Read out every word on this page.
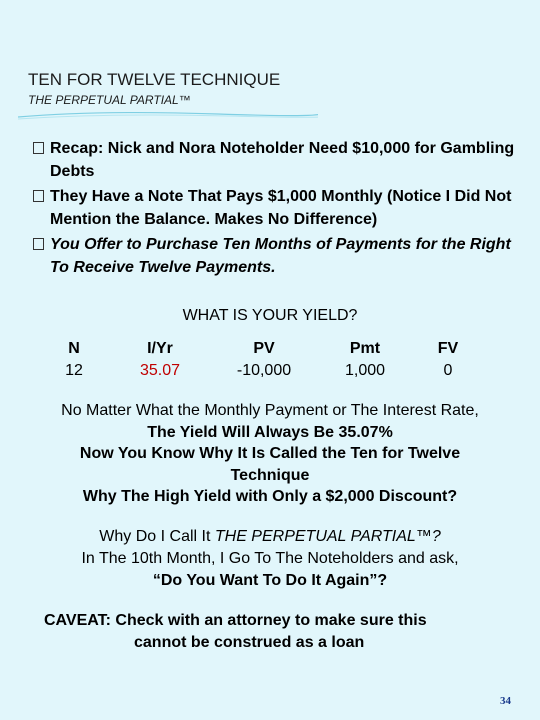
TEN FOR TWELVE TECHNIQUE
THE PERPETUAL PARTIAL™
Recap: Nick and Nora Noteholder Need $10,000 for Gambling Debts
They Have a Note That Pays $1,000 Monthly (Notice I Did Not Mention the Balance. Makes No Difference)
You Offer to Purchase Ten Months of Payments for the Right To Receive Twelve Payments.
WHAT IS YOUR YIELD?
N
12
I/Yr
35.07
PV
-10,000
Pmt
1,000
FV
0
No Matter What the Monthly Payment or The Interest Rate,
The Yield Will Always Be 35.07%
Now You Know Why It Is Called the Ten for Twelve
Technique
Why The High Yield with Only a $2,000 Discount?
Why Do I Call It THE PERPETUAL PARTIAL™?
In The 10th Month, I Go To The Noteholders and ask,
“Do You Want To Do It Again”?
CAVEAT: Check with an attorney to make sure this
cannot be construed as a loan
34
